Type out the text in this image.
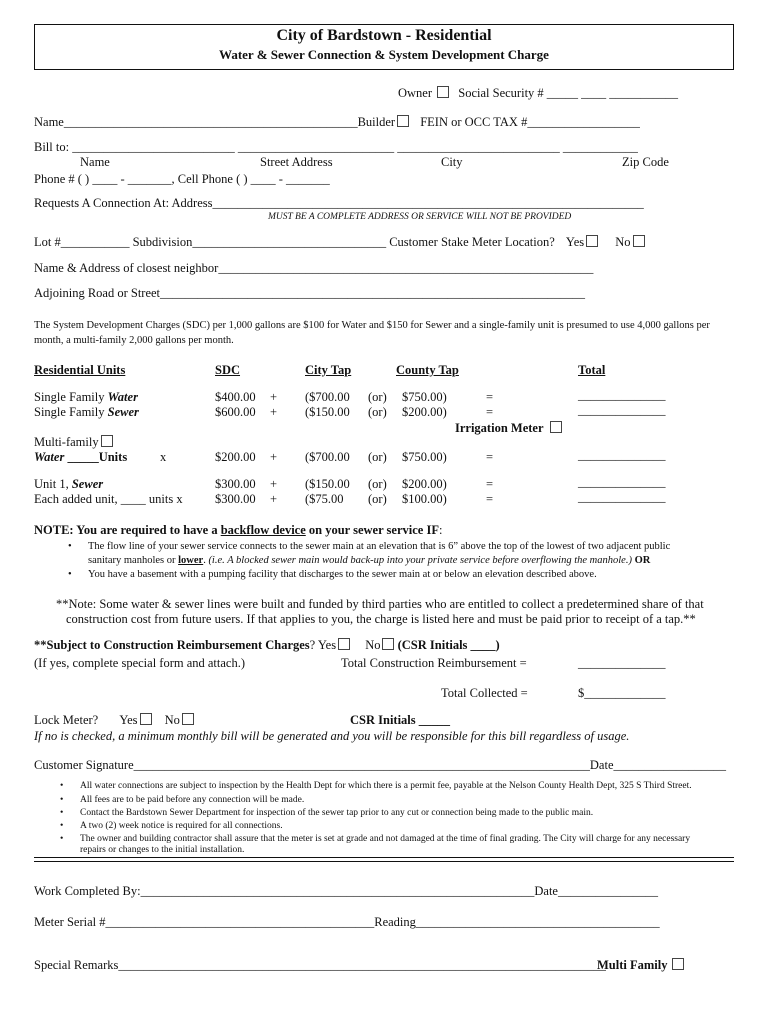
City of Bardstown - Residential
Water & Sewer Connection & System Development Charge
Owner Social Security # _____ ____ ___________
Name_______________________________________________Builder FEIN or OCC TAX #__________________
Bill to: __________________________ _________________________ __________________________ ____________
Name	Street Address	City	Zip Code
Phone # ( ) ____ - _______, Cell Phone ( ) ____ - _______
Requests A Connection At: Address_____________________________________________________________________
MUST BE A COMPLETE ADDRESS OR SERVICE WILL NOT BE PROVIDED
Lot #___________ Subdivision_______________________________ Customer Stake Meter Location? Yes No
Name & Address of closest neighbor____________________________________________________________
Adjoining Road or Street____________________________________________________________________
The System Development Charges (SDC) per 1,000 gallons are $100 for Water and $150 for Sewer and a single-family unit is presumed to use 4,000 gallons per month, a multi-family 2,000 gallons per month.
Residential Units	SDC	City Tap	County Tap	Total
Single Family Water	$400.00 + ($700.00 (or) $750.00)	=	______________
Single Family Sewer	$600.00 + ($150.00 (or) $200.00)	=	______________
Irrigation Meter
Multi-family
Water _____Units	x	$200.00 + ($700.00 (or) $750.00)	=	______________
Unit 1, Sewer	$300.00 + ($150.00 (or) $200.00)	=	______________
Each added unit, ____ units x	$300.00 + ($75.00 (or) $100.00)	=	______________
NOTE: You are required to have a backflow device on your sewer service IF:
• The flow line of your sewer service connects to the sewer main at an elevation that is 6” above the top of the lowest of two adjacent public
sanitary manholes or lower. (i.e. A blocked sewer main would back-up into your private service before overflowing the manhole.) OR
• You have a basement with a pumping facility that discharges to the sewer main at or below an elevation described above.
**Note: Some water & sewer lines were built and funded by third parties who are entitled to collect a predetermined share of that
construction cost from future users. If that applies to you, the charge is listed here and must be paid prior to receipt of a tap.**
**Subject to Construction Reimbursement Charges? Yes No (CSR Initials ____)
(If yes, complete special form and attach.)	Total Construction Reimbursement =	______________
Total Collected =	$_____________
Lock Meter? Yes No	CSR Initials _____
If no is checked, a minimum monthly bill will be generated and you will be responsible for this bill regardless of usage.
Customer Signature_________________________________________________________________________Date__________________
• All water connections are subject to inspection by the Health Dept for which there is a permit fee, payable at the Nelson County Health Dept, 325 S Third Street.
• All fees are to be paid before any connection will be made.
• Contact the Bardstown Sewer Department for inspection of the sewer tap prior to any cut or connection being made to the public main.
• A two (2) week notice is required for all connections.
• The owner and building contractor shall assure that the meter is set at grade and not damaged at the time of final grading. The City will charge for any necessary
repairs or changes to the initial installation.
Work Completed By:_______________________________________________________________Date________________
Meter Serial #___________________________________________Reading_______________________________________
Special Remarks______________________________________________________________________________
Multi Family
